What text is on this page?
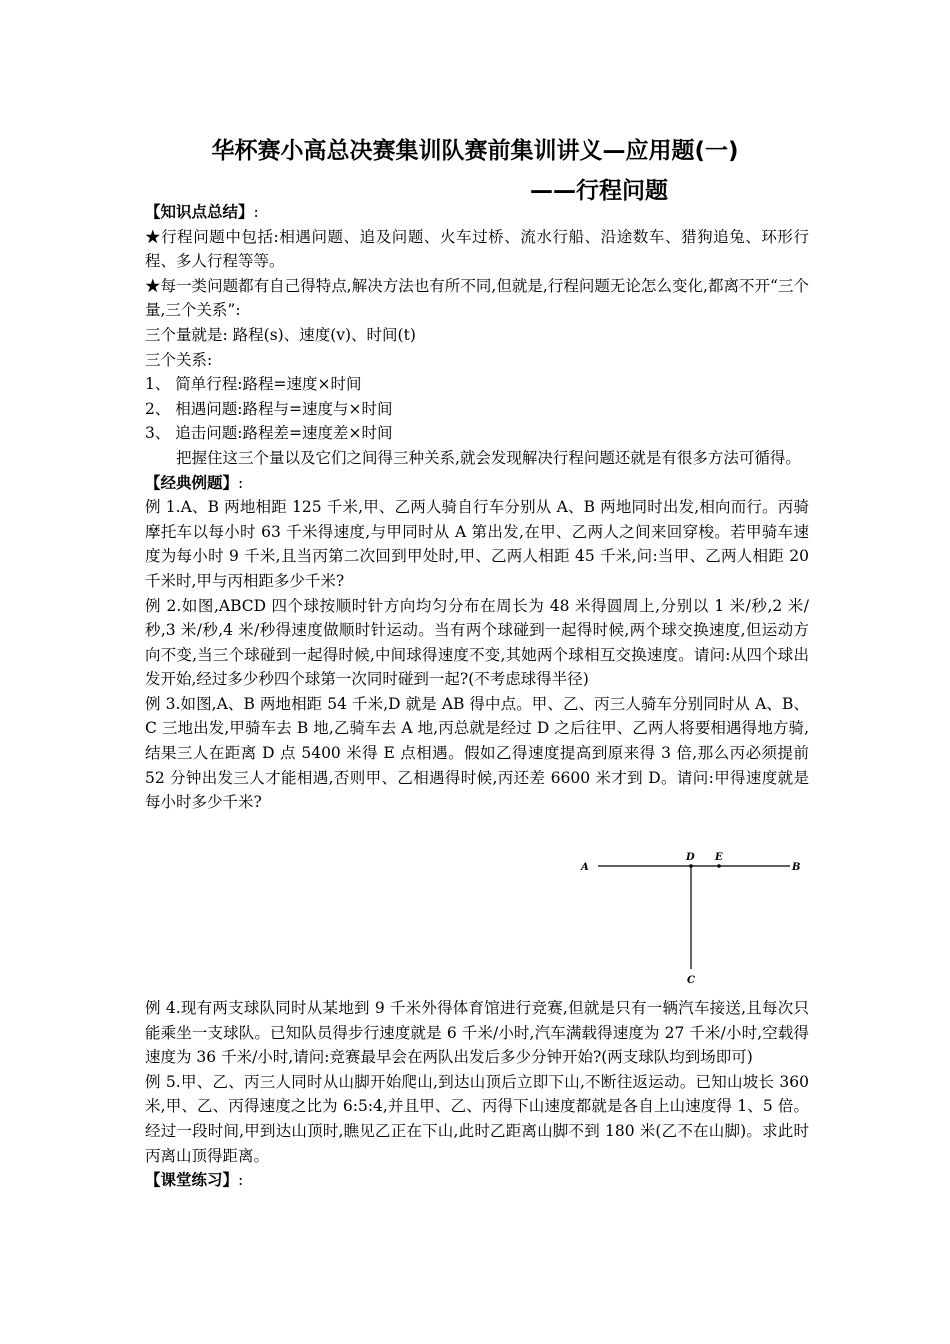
华杯赛小高总决赛集训队赛前集训讲义—应用题(一)
——行程问题

【知识点总结】:

★行程问题中包括:相遇问题、追及问题、火车过桥、流水行船、沿途数车、猎狗追兔、环形行程、多人行程等等。

★每一类问题都有自己得特点,解决方法也有所不同,但就是,行程问题无论怎么变化,都离不开“三个量,三个关系”:

三个量就是: 路程(s)、速度(v)、时间(t)

三个关系:

1、 简单行程:路程=速度×时间

2、 相遇问题:路程与=速度与×时间

3、 追击问题:路程差=速度差×时间

把握住这三个量以及它们之间得三种关系,就会发现解决行程问题还就是有很多方法可循得。

【经典例题】:

例 1.A、B 两地相距 125 千米,甲、乙两人骑自行车分别从 A、B 两地同时出发,相向而行。丙骑摩托车以每小时 63 千米得速度,与甲同时从 A 第出发,在甲、乙两人之间来回穿梭。若甲骑车速度为每小时 9 千米,且当丙第二次回到甲处时,甲、乙两人相距 45 千米,问:当甲、乙两人相距 20 千米时,甲与丙相距多少千米?

例 2.如图,ABCD 四个球按顺时针方向均匀分布在周长为 48 米得圆周上,分别以 1 米/秒,2 米/秒,3 米/秒,4 米/秒得速度做顺时针运动。当有两个球碰到一起得时候,两个球交换速度,但运动方向不变,当三个球碰到一起得时候,中间球得速度不变,其她两个球相互交换速度。请问:从四个球出发开始,经过多少秒四个球第一次同时碰到一起?(不考虑球得半径)

例 3.如图,A、B 两地相距 54 千米,D 就是 AB 得中点。甲、乙、丙三人骑车分别同时从 A、B、C 三地出发,甲骑车去 B 地,乙骑车去 A 地,丙总就是经过 D 之后往甲、乙两人将要相遇得地方骑,结果三人在距离 D 点 5400 米得 E 点相遇。假如乙得速度提高到原来得 3 倍,那么丙必须提前 52 分钟出发三人才能相遇,否则甲、乙相遇得时候,丙还差 6600 米才到 D。请问:甲得速度就是每小时多少千米?

A	B
D E
C

例 4.现有两支球队同时从某地到 9 千米外得体育馆进行竞赛,但就是只有一辆汽车接送,且每次只能乘坐一支球队。已知队员得步行速度就是 6 千米/小时,汽车满载得速度为 27 千米/小时,空载得速度为 36 千米/小时,请问:竞赛最早会在两队出发后多少分钟开始?(两支球队均到场即可)

例 5.甲、乙、丙三人同时从山脚开始爬山,到达山顶后立即下山,不断往返运动。已知山坡长 360 米,甲、乙、丙得速度之比为 6:5:4,并且甲、乙、丙得下山速度都就是各自上山速度得 1、5 倍。经过一段时间,甲到达山顶时,瞧见乙正在下山,此时乙距离山脚不到 180 米(乙不在山脚)。求此时丙离山顶得距离。

【课堂练习】:
